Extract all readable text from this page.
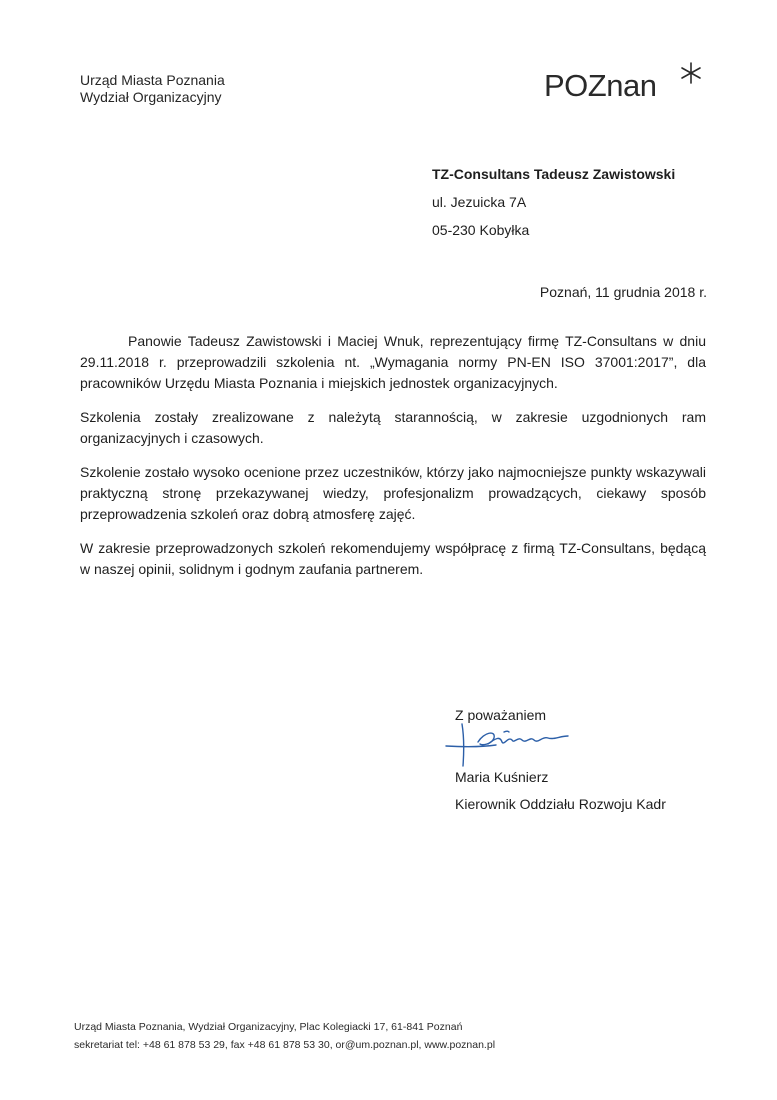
Urząd Miasta Poznania
Wydział Organizacyjny	POZnan
TZ-Consultans Tadeusz Zawistowski
ul. Jezuicka 7A
05-230 Kobyłka
Poznań, 11 grudnia 2018 r.

Panowie Tadeusz Zawistowski i Maciej Wnuk, reprezentujący firmę TZ-Consultans w dniu 29.11.2018 r. przeprowadzili szkolenia nt. „Wymagania normy PN-EN ISO 37001:2017”, dla pracowników Urzędu Miasta Poznania i miejskich jednostek organizacyjnych.

Szkolenia zostały zrealizowane z należytą starannością, w zakresie uzgodnionych ram organizacyjnych i czasowych.

Szkolenie zostało wysoko ocenione przez uczestników, którzy jako najmocniejsze punkty wskazywali praktyczną stronę przekazywanej wiedzy, profesjonalizm prowadzących, ciekawy sposób przeprowadzenia szkoleń oraz dobrą atmosferę zajęć.

W zakresie przeprowadzonych szkoleń rekomendujemy współpracę z firmą TZ-Consultans, będącą w naszej opinii, solidnym i godnym zaufania partnerem.

Z poważaniem
Maria Kuśnierz
Kierownik Oddziału Rozwoju Kadr
Urząd Miasta Poznania, Wydział Organizacyjny, Plac Kolegiacki 17, 61-841 Poznań
sekretariat tel: +48 61 878 53 29, fax +48 61 878 53 30, or@um.poznan.pl, www.poznan.pl
